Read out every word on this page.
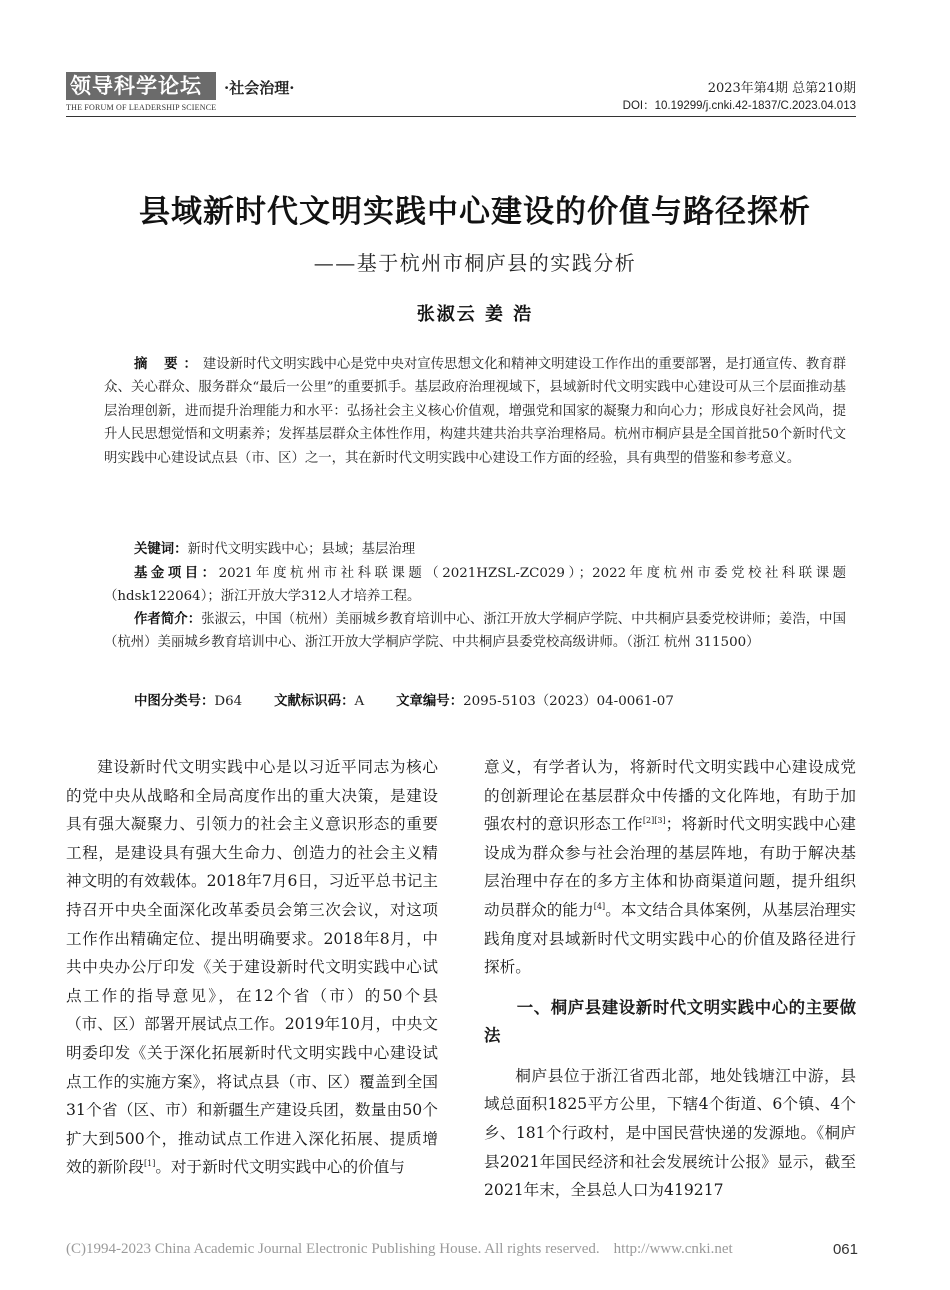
领导科学论坛
THE FORUM OF LEADERSHIP SCIENCE
·社会治理·	2023年第4期 总第210期
DOI：10.19299/j.cnki.42-1837/C.2023.04.013
县域新时代文明实践中心建设的价值与路径探析
——基于杭州市桐庐县的实践分析
张淑云 姜 浩
摘 要：建设新时代文明实践中心是党中央对宣传思想文化和精神文明建设工作作出的重要部署，是打通宣传、教育群众、关心群众、服务群众“最后一公里”的重要抓手。基层政府治理视域下，县域新时代文明实践中心建设可从三个层面推动基层治理创新，进而提升治理能力和水平：弘扬社会主义核心价值观，增强党和国家的凝聚力和向心力；形成良好社会风尚，提升人民思想觉悟和文明素养；发挥基层群众主体性作用，构建共建共治共享治理格局。杭州市桐庐县是全国首批50个新时代文明实践中心建设试点县（市、区）之一，其在新时代文明实践中心建设工作方面的经验，具有典型的借鉴和参考意义。
关键词：新时代文明实践中心；县域；基层治理
基金项目：2021年度杭州市社科联课题（2021HZSL-ZC029）；2022年度杭州市委党校社科联课题（hdsk122064）；浙江开放大学312人才培养工程。
作者简介：张淑云，中国（杭州）美丽城乡教育培训中心、浙江开放大学桐庐学院、中共桐庐县委党校讲师；姜浩，中国（杭州）美丽城乡教育培训中心、浙江开放大学桐庐学院、中共桐庐县委党校高级讲师。（浙江 杭州 311500）
中图分类号：D64 文献标识码：A 文章编号：2095-5103（2023）04-0061-07

建设新时代文明实践中心是以习近平同志为核心的党中央从战略和全局高度作出的重大决策，是建设具有强大凝聚力、引领力的社会主义意识形态的重要工程，是建设具有强大生命力、创造力的社会主义精神文明的有效载体。2018年7月6日，习近平总书记主持召开中央全面深化改革委员会第三次会议，对这项工作作出精确定位、提出明确要求。2018年8月，中共中央办公厅印发《关于建设新时代文明实践中心试点工作的指导意见》，在12个省（市）的50个县（市、区）部署开展试点工作。2019年10月，中央文明委印发《关于深化拓展新时代文明实践中心建设试点工作的实施方案》，将试点县（市、区）覆盖到全国31个省（区、市）和新疆生产建设兵团，数量由50个扩大到500个，推动试点工作进入深化拓展、提质增效的新阶段[1]。对于新时代文明实践中心的价值与

意义，有学者认为，将新时代文明实践中心建设成党的创新理论在基层群众中传播的文化阵地，有助于加强农村的意识形态工作[2][3]；将新时代文明实践中心建设成为群众参与社会治理的基层阵地，有助于解决基层治理中存在的多方主体和协商渠道问题，提升组织动员群众的能力[4]。本文结合具体案例，从基层治理实践角度对县域新时代文明实践中心的价值及路径进行探析。

一、桐庐县建设新时代文明实践中心的主要做法

桐庐县位于浙江省西北部，地处钱塘江中游，县域总面积1825平方公里，下辖4个街道、6个镇、4个乡、181个行政村，是中国民营快递的发源地。《桐庐县2021年国民经济和社会发展统计公报》显示，截至2021年末，全县总人口为419217

(C)1994-2023 China Academic Journal Electronic Publishing House. All rights reserved. http://www.cnki.net	061
